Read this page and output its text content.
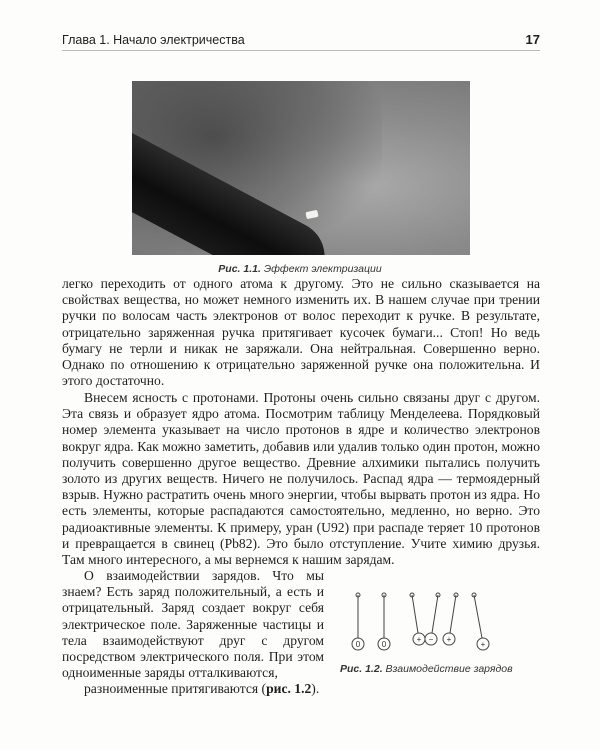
Глава 1. Начало электричества	17
Рис. 1.1. Эффект электризации

легко переходить от одного атома к другому. Это не сильно сказывается на свойствах вещества, но может немного изменить их. В нашем случае при трении ручки по волосам часть электронов от волос переходит к ручке. В результате, отрицательно заряженная ручка притягивает кусочек бумаги... Стоп! Но ведь бумагу не терли и никак не заряжали. Она нейтральная. Совершенно верно. Однако по отношению к отрицательно заряженной ручке она положительна. И этого достаточно.

Внесем ясность с протонами. Протоны очень сильно связаны друг с другом. Эта связь и образует ядро атома. Посмотрим таблицу Менделеева. Порядковый номер элемента указывает на число протонов в ядре и количество электронов вокруг ядра. Как можно заметить, добавив или удалив только один протон, можно получить совершенно другое вещество. Древние алхимики пытались получить золото из других веществ. Ничего не получилось. Распад ядра — термоядерный взрыв. Нужно растратить очень много энергии, чтобы вырвать протон из ядра. Но есть элементы, которые распадаются самостоятельно, медленно, но верно. Это радиоактивные элементы. К примеру, уран (U92) при распаде теряет 10 протонов и превращается в свинец (Pb82). Это было отступление. Учите химию друзья. Там много интересного, а мы вернемся к нашим зарядам.

О взаимодействии зарядов. Что мы знаем? Есть заряд положительный, а есть и отрицательный. Заряд создает вокруг себя электрическое поле. Заряженные частицы и тела взаимодействуют друг с другом посредством электрического поля. При этом одноименные заряды отталкиваются,
разноименные притягиваются (рис. 1.2).

0	0
+ − +
+
Рис. 1.2. Взаимодействие зарядов
